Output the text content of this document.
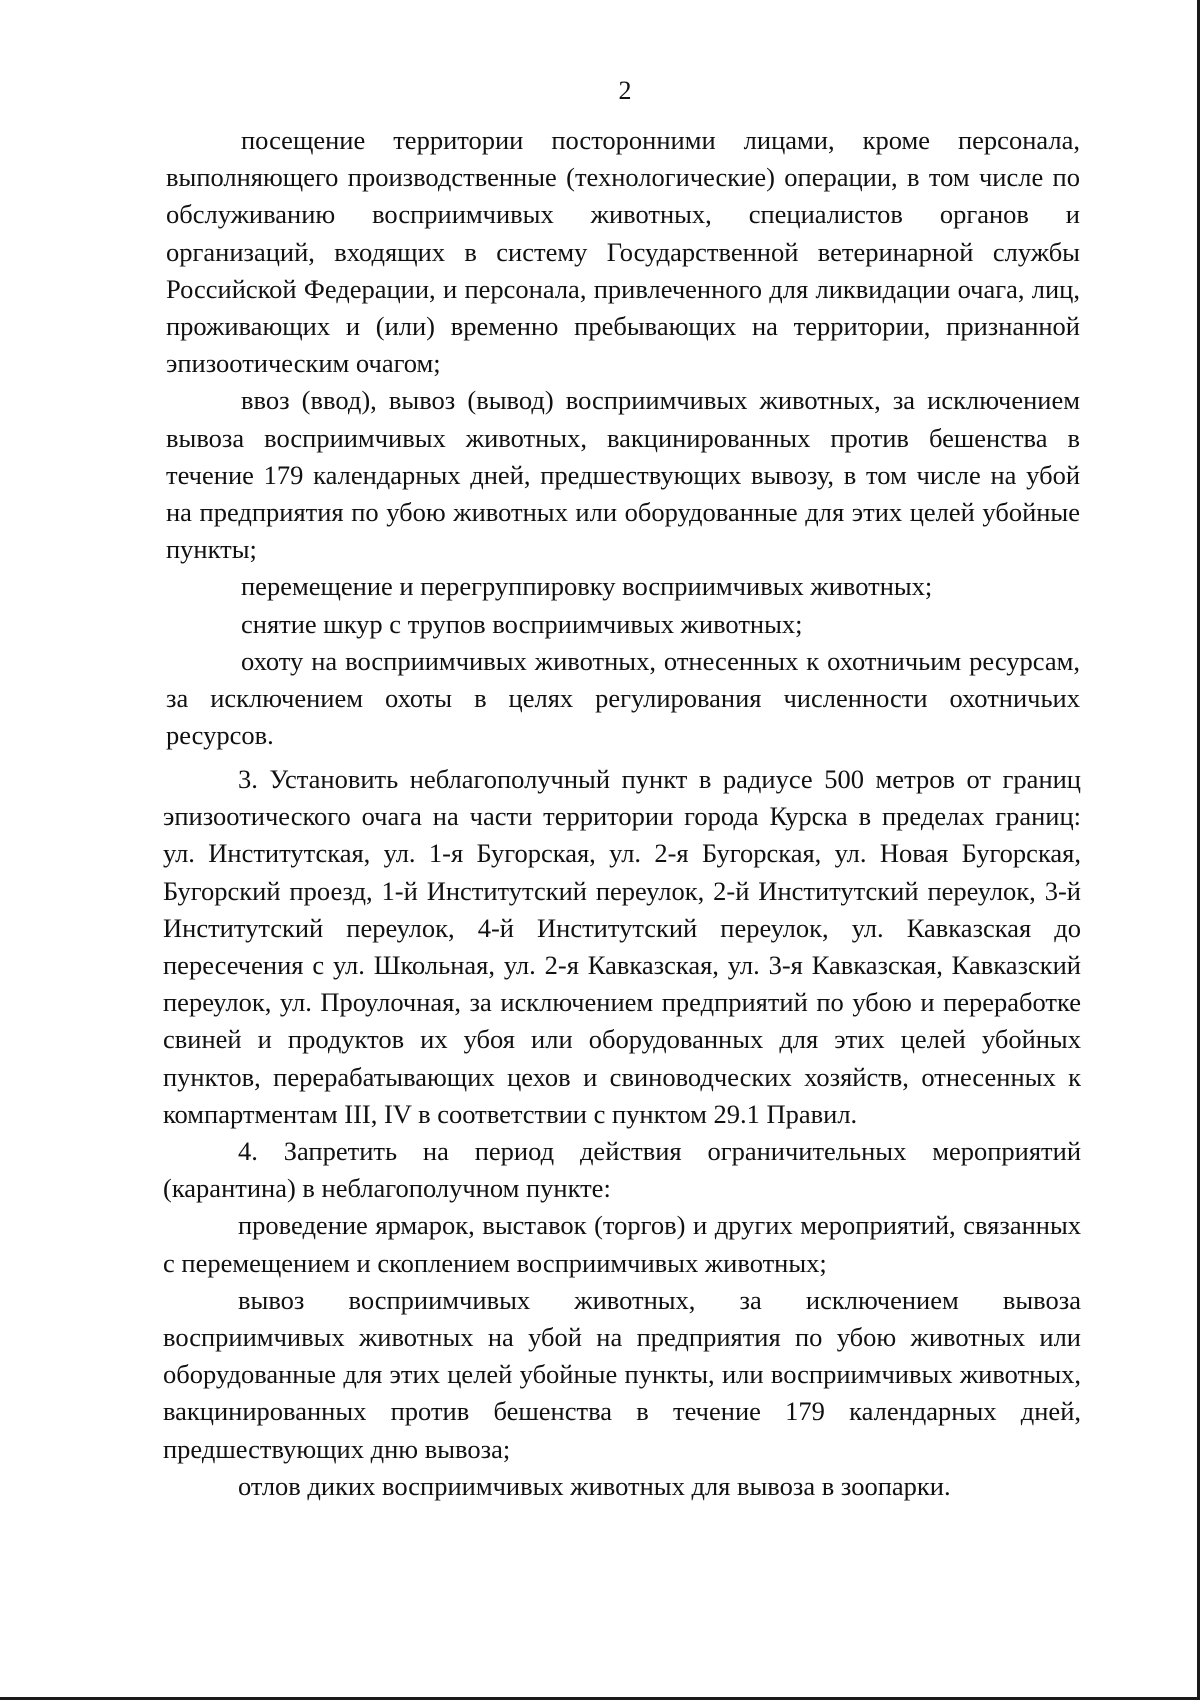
2

посещение территории посторонними лицами, кроме персонала, выполняющего производственные (технологические) операции, в том числе по обслуживанию восприимчивых животных, специалистов органов и организаций, входящих в систему Государственной ветеринарной службы Российской Федерации, и персонала, привлеченного для ликвидации очага, лиц, проживающих и (или) временно пребывающих на территории, признанной эпизоотическим очагом;

ввоз (ввод), вывоз (вывод) восприимчивых животных, за исключением вывоза восприимчивых животных, вакцинированных против бешенства в течение 179 календарных дней, предшествующих вывозу, в том числе на убой на предприятия по убою животных или оборудованные для этих целей убойные пункты;

перемещение и перегруппировку восприимчивых животных;

снятие шкур с трупов восприимчивых животных;

охоту на восприимчивых животных, отнесенных к охотничьим ресурсам, за исключением охоты в целях регулирования численности охотничьих ресурсов.

3. Установить неблагополучный пункт в радиусе 500 метров от границ эпизоотического очага на части территории города Курска в пределах границ: ул. Институтская, ул. 1-я Бугорская, ул. 2-я Бугорская, ул. Новая Бугорская, Бугорский проезд, 1-й Институтский переулок, 2-й Институтский переулок, 3-й Институтский переулок, 4-й Институтский переулок, ул. Кавказская до пересечения с ул. Школьная, ул. 2-я Кавказская, ул. 3-я Кавказская, Кавказский переулок, ул. Проулочная, за исключением предприятий по убою и переработке свиней и продуктов их убоя или оборудованных для этих целей убойных пунктов, перерабатывающих цехов и свиноводческих хозяйств, отнесенных к компартментам III, IV в соответствии с пунктом 29.1 Правил.

4. Запретить на период действия ограничительных мероприятий (карантина) в неблагополучном пункте:

проведение ярмарок, выставок (торгов) и других мероприятий, связанных с перемещением и скоплением восприимчивых животных;

вывоз восприимчивых животных, за исключением вывоза восприимчивых животных на убой на предприятия по убою животных или оборудованные для этих целей убойные пункты, или восприимчивых животных, вакцинированных против бешенства в течение 179 календарных дней, предшествующих дню вывоза;

отлов диких восприимчивых животных для вывоза в зоопарки.
